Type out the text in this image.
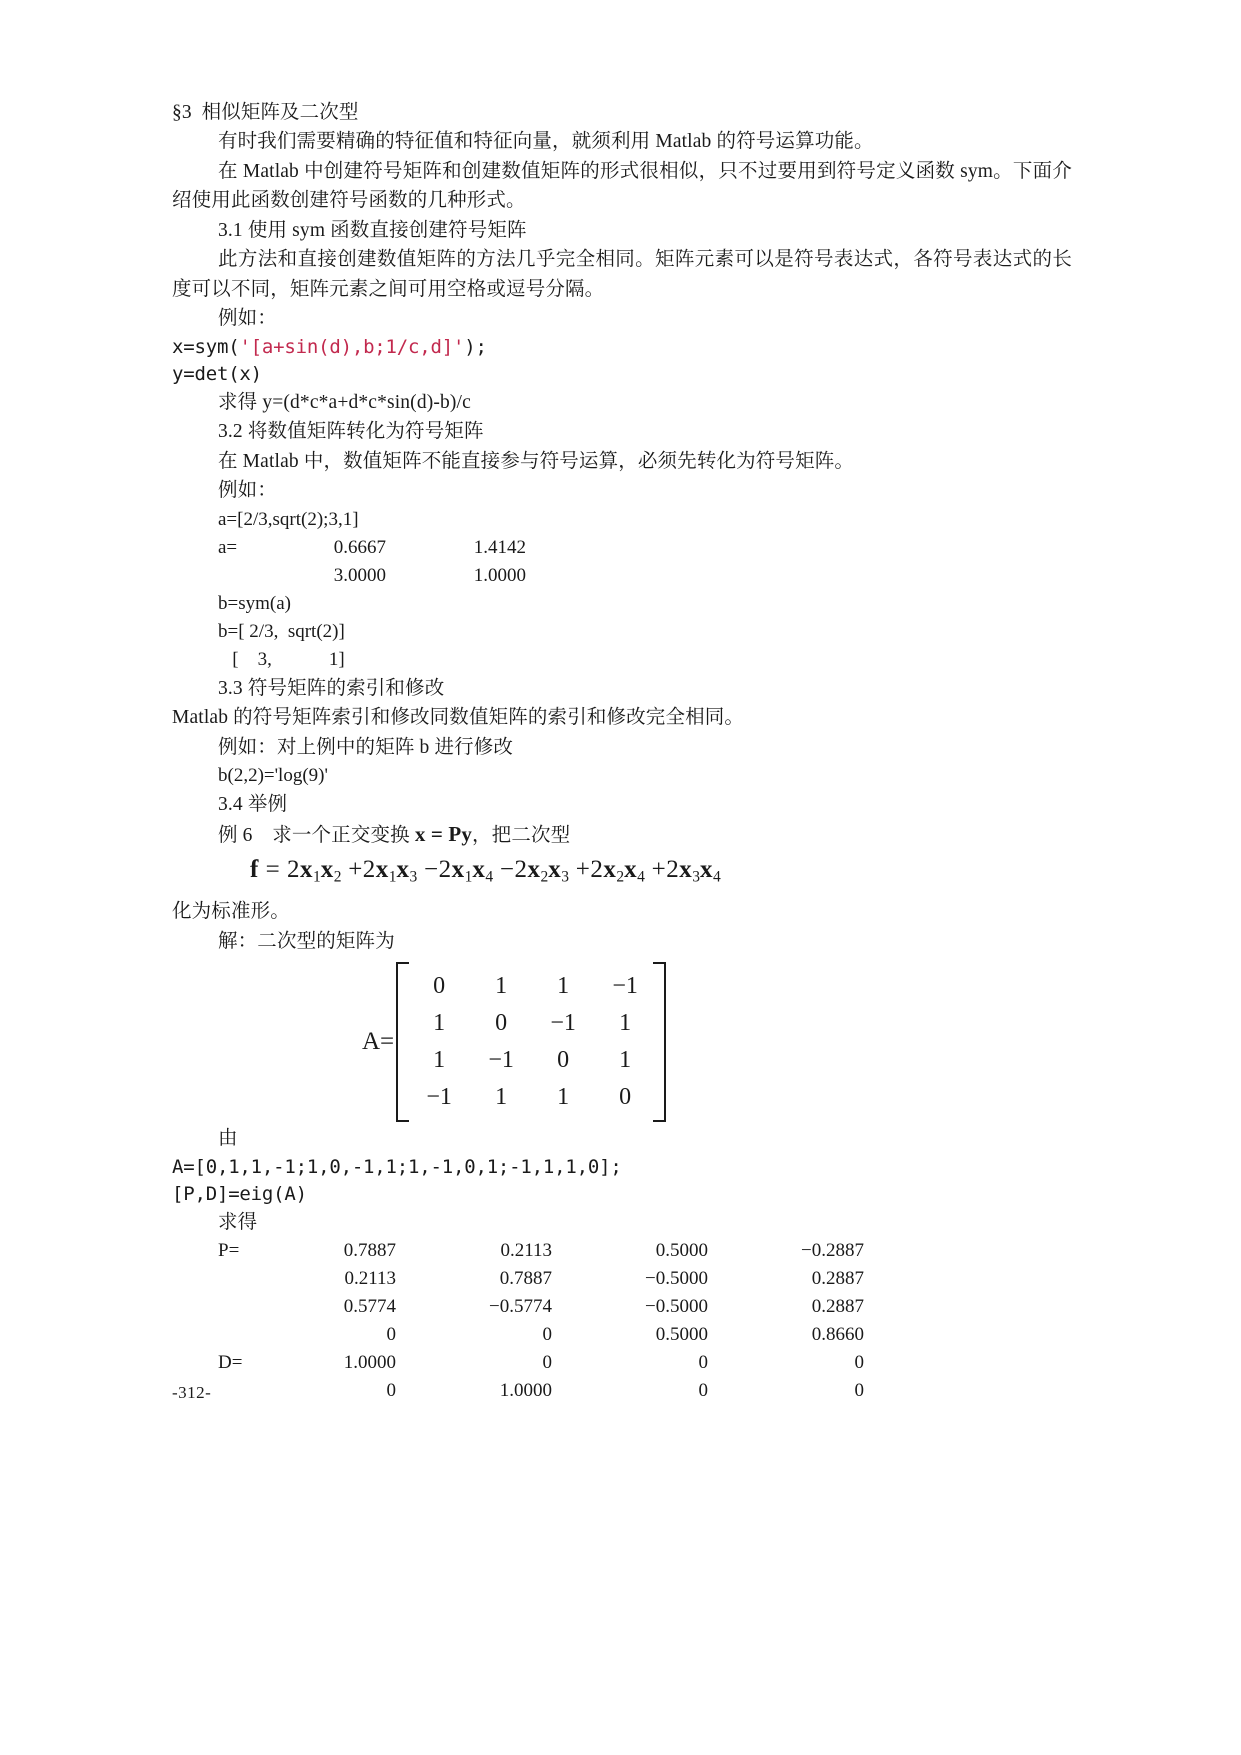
§3  相似矩阵及二次型
有时我们需要精确的特征值和特征向量，就须利用 Matlab 的符号运算功能。
在 Matlab 中创建符号矩阵和创建数值矩阵的形式很相似，只不过要用到符号定义函数 sym。下面介绍使用此函数创建符号函数的几种形式。
3.1 使用 sym 函数直接创建符号矩阵
此方法和直接创建数值矩阵的方法几乎完全相同。矩阵元素可以是符号表达式，各符号表达式的长度可以不同，矩阵元素之间可用空格或逗号分隔。
例如：
x=sym('[a+sin(d),b;1/c,d]');
y=det(x)
求得 y=(d*c*a+d*c*sin(d)-b)/c
3.2 将数值矩阵转化为符号矩阵
在 Matlab 中，数值矩阵不能直接参与符号运算，必须先转化为符号矩阵。
例如：
a=[2/3,sqrt(2);3,1]
a=	0.6667	1.4142
	3.0000	1.0000
b=sym(a)
b=[ 2/3,  sqrt(2)]
[    3,            1]
3.3 符号矩阵的索引和修改
Matlab 的符号矩阵索引和修改同数值矩阵的索引和修改完全相同。
例如：对上例中的矩阵 b 进行修改
b(2,2)='log(9)'
3.4 举例
例 6　求一个正交变换 x = Py，把二次型
$f = 2x_1x_2 +2x_1x_3 -2x_1x_4 -2x_2x_3 +2x_2x_4 +2x_3x_4$
化为标准形。
解：二次型的矩阵为
A=
0	1	1	−1
1	0	−1	1
1	−1	0	1
−1	1	1	0
由
A=[0,1,1,-1;1,0,-1,1;1,-1,0,1;-1,1,1,0];
[P,D]=eig(A)
求得
P=	0.7887	0.2113	0.5000	−0.2887
	0.2113	0.7887	−0.5000	0.2887
	0.5774	−0.5774	−0.5000	0.2887
	0	0	0.5000	0.8660
D=	1.0000	0	0	0
	0	1.0000	0	0
-312-
